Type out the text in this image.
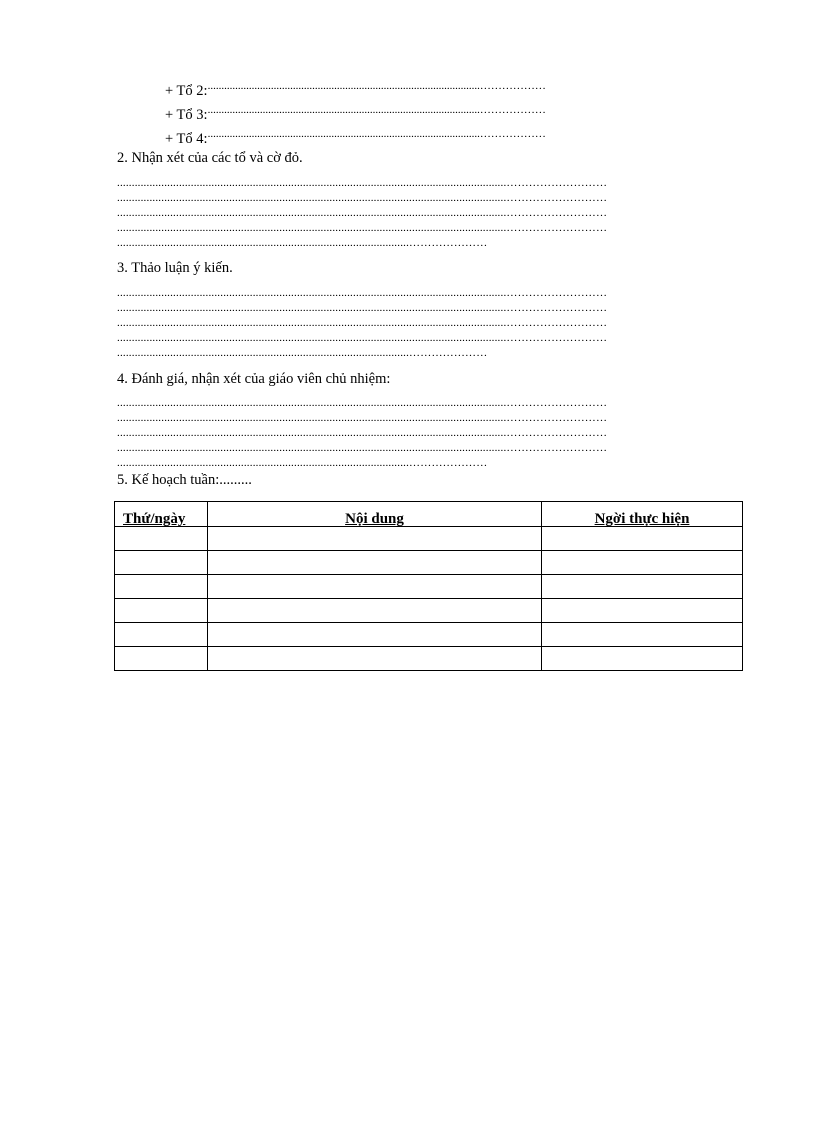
+ Tổ 2:...................................................................................................………………
+ Tổ 3:...................................................................................................………………
+ Tổ 4:...................................................................................................………………
2. Nhận xét của các tổ và cờ đỏ.
....................................................................................................................................………………………
....................................................................................................................................………………………
....................................................................................................................................………………………
....................................................................................................................................………………………
...................................................................................................…………………
3. Thảo luận ý kiến.
....................................................................................................................................………………………
....................................................................................................................................………………………
....................................................................................................................................………………………
....................................................................................................................................………………………
...................................................................................................…………………
4. Đánh giá, nhận xét của giáo viên chủ nhiệm:
....................................................................................................................................………………………
....................................................................................................................................………………………
....................................................................................................................................………………………
....................................................................................................................................………………………
...................................................................................................…………………
5. Kế hoạch tuần:.........
Thứ/ngày	Nội dung	Ngời thực hiện
